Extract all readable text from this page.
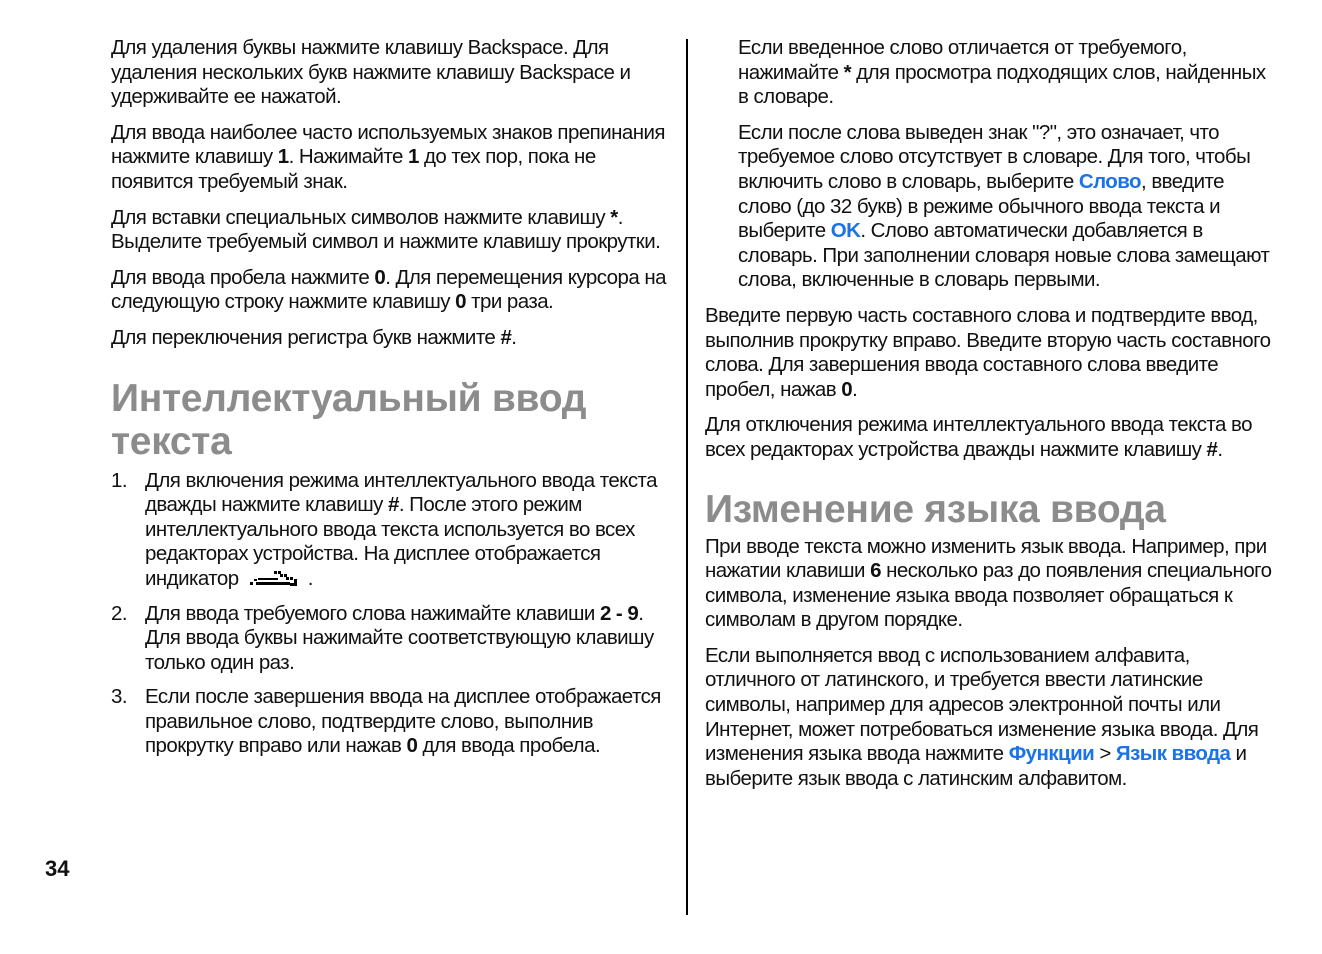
Для удаления буквы нажмите клавишу Backspace. Для удаления нескольких букв нажмите клавишу Backspace и удерживайте ее нажатой.

Для ввода наиболее часто используемых знаков препинания нажмите клавишу 1. Нажимайте 1 до тех пор, пока не появится требуемый знак.

Для вставки специальных символов нажмите клавишу *. Выделите требуемый символ и нажмите клавишу прокрутки.

Для ввода пробела нажмите 0. Для перемещения курсора на следующую строку нажмите клавишу 0 три раза.

Для переключения регистра букв нажмите #.

Интеллектуальный ввод текста
1. Для включения режима интеллектуального ввода текста дважды нажмите клавишу #. После этого режим интеллектуального ввода текста используется во всех редакторах устройства. На дисплее отображается индикатор	.
2. Для ввода требуемого слова нажимайте клавиши 2 - 9. Для ввода буквы нажимайте соответствующую клавишу только один раз.
3. Если после завершения ввода на дисплее отображается правильное слово, подтвердите слово, выполнив прокрутку вправо или нажав 0 для ввода пробела.

Если введенное слово отличается от требуемого, нажимайте * для просмотра подходящих слов, найденных в словаре.

Если после слова выведен знак "?", это означает, что требуемое слово отсутствует в словаре. Для того, чтобы включить слово в словарь, выберите Слово, введите слово (до 32 букв) в режиме обычного ввода текста и выберите OK. Слово автоматически добавляется в словарь. При заполнении словаря новые слова замещают слова, включенные в словарь первыми.

Введите первую часть составного слова и подтвердите ввод, выполнив прокрутку вправо. Введите вторую часть составного слова. Для завершения ввода составного слова введите пробел, нажав 0.

Для отключения режима интеллектуального ввода текста во всех редакторах устройства дважды нажмите клавишу #.

Изменение языка ввода

При вводе текста можно изменить язык ввода. Например, при нажатии клавиши 6 несколько раз до появления специального символа, изменение языка ввода позволяет обращаться к символам в другом порядке.

Если выполняется ввод с использованием алфавита, отличного от латинского, и требуется ввести латинские символы, например для адресов электронной почты или Интернет, может потребоваться изменение языка ввода. Для изменения языка ввода нажмите Функции > Язык ввода и выберите язык ввода с латинским алфавитом.

34
